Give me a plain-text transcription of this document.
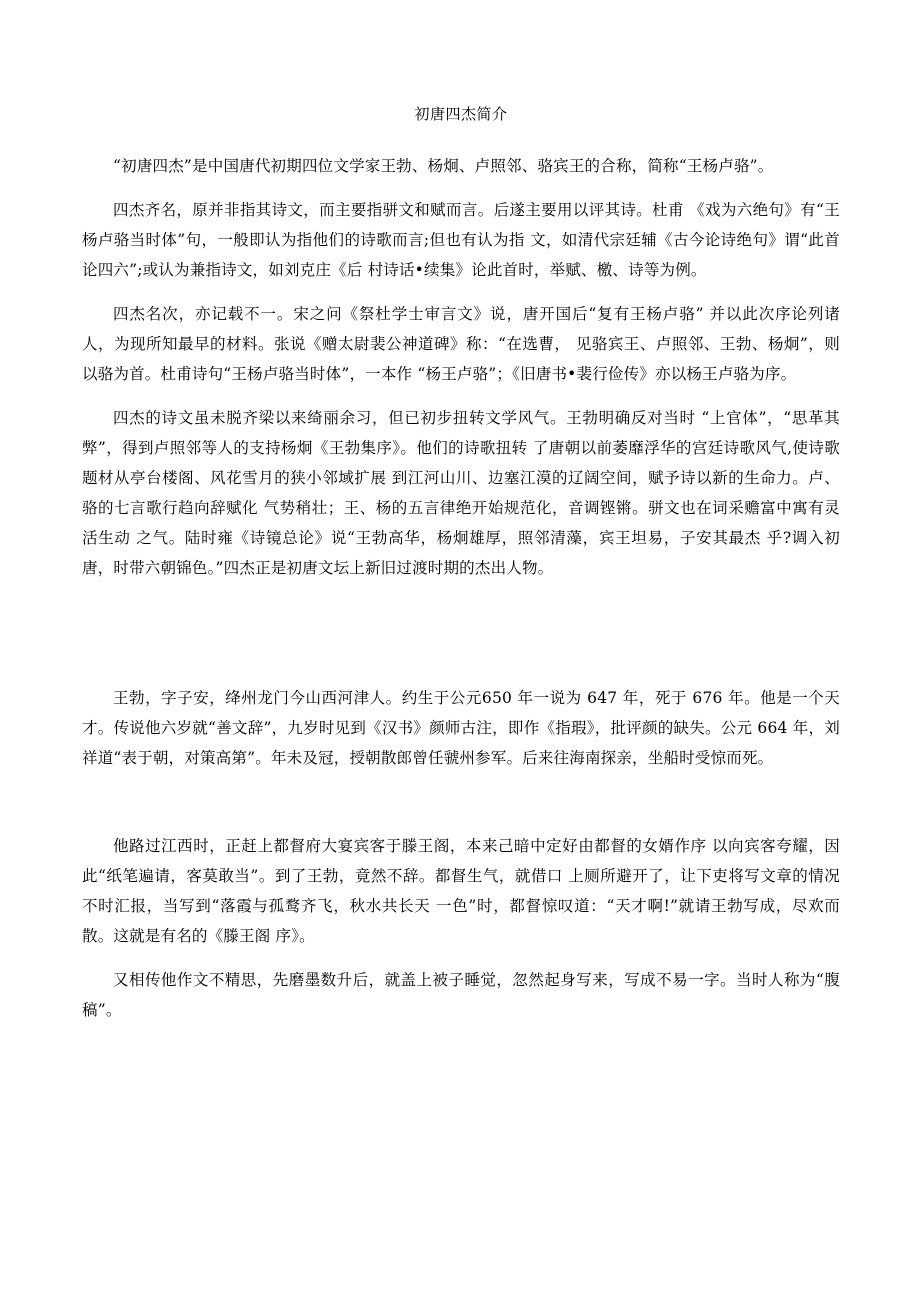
初唐四杰简介

“初唐四杰”是中国唐代初期四位文学家王勃、杨炯、卢照邻、骆宾王的合称，简称“王杨卢骆”。

四杰齐名，原并非指其诗文，而主要指骈文和赋而言。后遂主要用以评其诗。杜甫 《戏为六绝句》有“王杨卢骆当时体”句，一般即认为指他们的诗歌而言;但也有认为指 文，如清代宗廷辅《古今论诗绝句》谓“此首论四六”;或认为兼指诗文，如刘克庄《后 村诗话•续集》论此首时，举赋、檄、诗等为例。

四杰名次，亦记载不一。宋之问《祭杜学士审言文》说，唐开国后“复有王杨卢骆” 并以此次序论列诸人，为现所知最早的材料。张说《赠太尉裴公神道碑》称：“在选曹， 见骆宾王、卢照邻、王勃、杨炯”，则以骆为首。杜甫诗句“王杨卢骆当时体”，一本作 “杨王卢骆”；《旧唐书•裴行俭传》亦以杨王卢骆为序。

四杰的诗文虽未脱齐梁以来绮丽余习，但已初步扭转文学风气。王勃明确反对当时 “上官体”，“思革其弊”，得到卢照邻等人的支持杨炯《王勃集序》。他们的诗歌扭转 了唐朝以前萎靡浮华的宫廷诗歌风气,使诗歌题材从亭台楼阁、风花雪月的狭小邻域扩展 到江河山川、边塞江漠的辽阔空间，赋予诗以新的生命力。卢、骆的七言歌行趋向辞赋化 气势稍壮；王、杨的五言律绝开始规范化，音调铿锵。骈文也在词采赡富中寓有灵活生动 之气。陆时雍《诗镜总论》说“王勃高华，杨炯雄厚，照邻清藻，宾王坦易，子安其最杰 乎?调入初唐，时带六朝锦色。”四杰正是初唐文坛上新旧过渡时期的杰出人物。

王勃，字子安，绛州龙门今山西河津人。约生于公元650 年一说为 647 年，死于 676 年。他是一个天才。传说他六岁就“善文辞”，九岁时见到《汉书》颜师古注，即作《指瑕》，批评颜的缺失。公元 664 年，刘祥道“表于朝，对策高第”。年未及冠，授朝散郎曾任虢州参军。后来往海南探亲，坐船时受惊而死。

他路过江西时，正赶上都督府大宴宾客于滕王阁，本来己暗中定好由都督的女婿作序 以向宾客夸耀，因此“纸笔遍请，客莫敢当”。到了王勃，竟然不辞。都督生气，就借口 上厕所避开了，让下吏将写文章的情况不时汇报，当写到“落霞与孤鹜齐飞，秋水共长天 一色”时，都督惊叹道：“天才啊!”就请王勃写成，尽欢而散。这就是有名的《滕王阁 序》。

又相传他作文不精思，先磨墨数升后，就盖上被子睡觉，忽然起身写来，写成不易一字。当时人称为“腹稿”。
